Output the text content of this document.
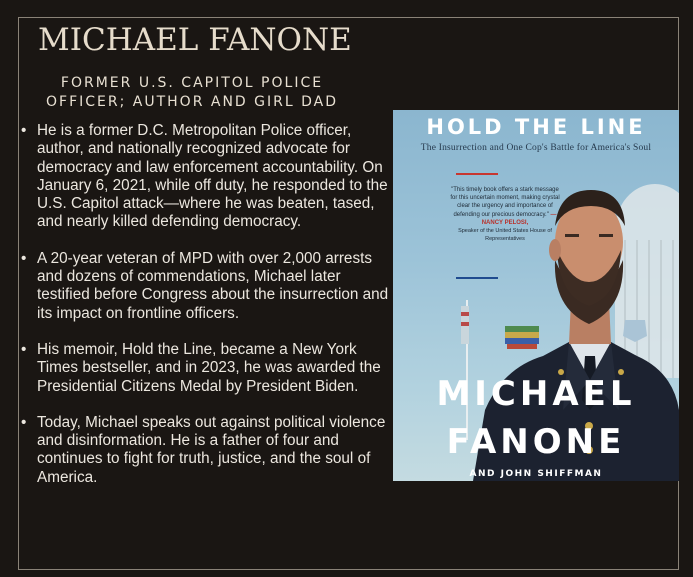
MICHAEL FANONE
FORMER U.S. CAPITOL POLICE
OFFICER; AUTHOR AND GIRL DAD
• He is a former D.C. Metropolitan Police officer, author, and nationally recognized advocate for democracy and law enforcement accountability. On January 6, 2021, while off duty, he responded to the U.S. Capitol attack—where he was beaten, tased, and nearly killed defending democracy.
• A 20-year veteran of MPD with over 2,000 arrests and dozens of commendations, Michael later testified before Congress about the insurrection and its impact on frontline officers.
• His memoir, Hold the Line, became a New York Times bestseller, and in 2023, he was awarded the Presidential Citizens Medal by President Biden.
• Today, Michael speaks out against political violence and disinformation. He is a father of four and continues to fight for truth, justice, and the soul of America.
HOLD THE LINE
The Insurrection and One Cop's Battle for America's Soul
"This timely book offers a stark message for this uncertain moment, making crystal clear the urgency and importance of defending our precious democracy." —NANCY PELOSI,
Speaker of the United States House of Representatives
MICHAEL
FANONE
AND JOHN SHIFFMAN
